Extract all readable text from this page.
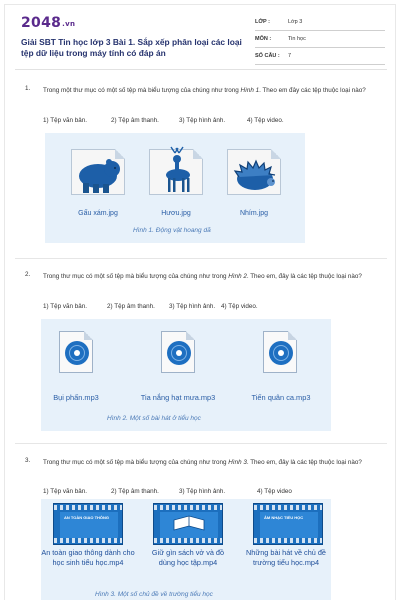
2048.vn
Giải SBT Tin học lớp 3 Bài 1. Sắp xếp phân loại các loại tệp dữ liệu trong máy tính có đáp án
LỚP :	Lớp 3
MÔN :	Tin học
SỐ CÂU : 7
1. Trong một thư mục có một số tệp mà biểu tượng của chúng như trong Hình 1. Theo em đây các tệp thuộc loại nào?
1) Tệp văn bản.	2) Tệp âm thanh.	3) Tệp hình ảnh.	4) Tệp video.
Gấu xám.jpg	Hươu.jpg	Nhím.jpg
Hình 1. Động vật hoang dã
2. Trong thư mục có một số tệp mà biểu tượng của chúng như trong Hình 2. Theo em, đây là các tệp thuộc loại nào?
1) Tệp văn bản.	2) Tệp âm thanh. 3) Tệp hình ảnh. 4) Tệp video.
Bụi phấn.mp3	Tia nắng hạt mưa.mp3	Tiến quân ca.mp3
Hình 2. Một số bài hát ở tiểu học
3. Trong thư mục có một số tệp mà biểu tượng của chúng như trong Hình 3. Theo em, đây là các tệp thuộc loại nào?
1) Tệp văn bản.	2) Tệp âm thanh.	3) Tệp hình ảnh.	4) Tệp video
AN TOÀN GIAO THÔNG
An toàn giao thông dành cho học sinh tiểu học.mp4
Giữ gìn sách vở và đồ dùng học tập.mp4
ÂM NHẠC TIỂU HỌC
Những bài hát về chủ đề trường tiểu học.mp4
Hình 3. Một số chủ đề về trường tiểu học
